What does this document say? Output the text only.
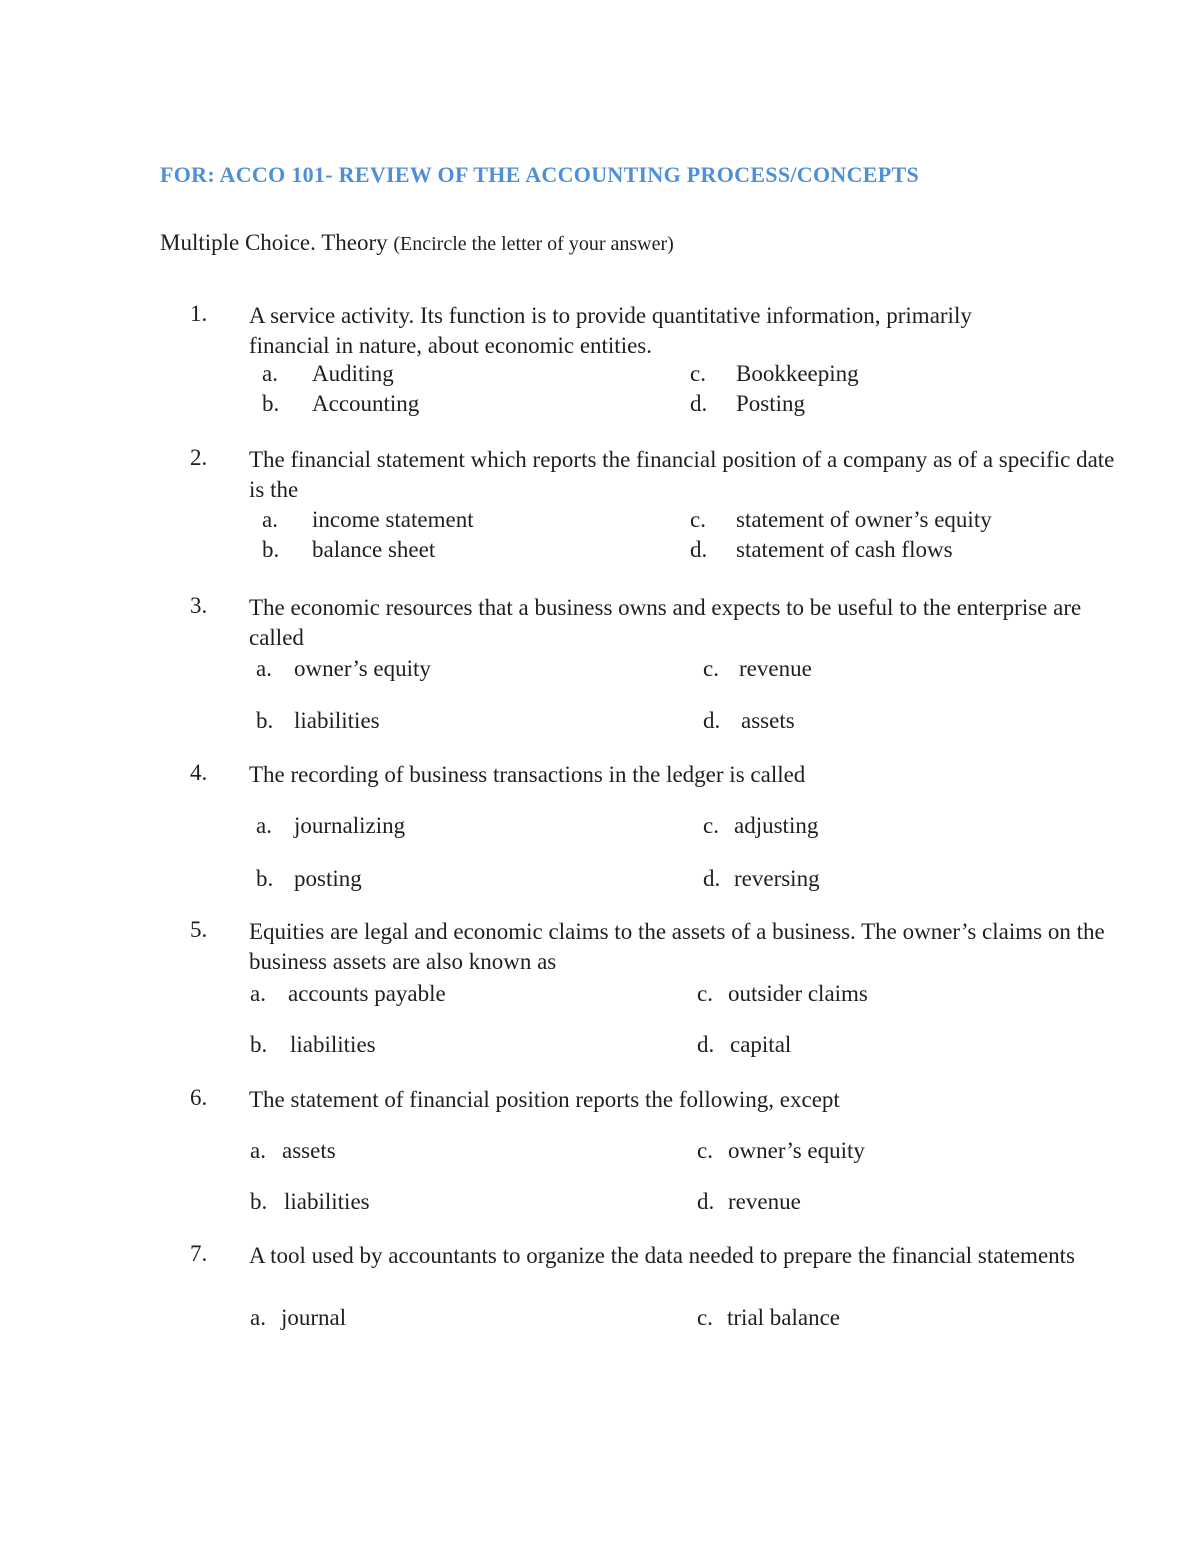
FOR: ACCO 101- REVIEW OF THE ACCOUNTING PROCESS/CONCEPTS
Multiple Choice. Theory (Encircle the letter of your answer)
1. A service activity. Its function is to provide quantitative information, primarily financial in nature, about economic entities.
a. Auditing
b. Accounting
c. Bookkeeping
d. Posting
2. The financial statement which reports the financial position of a company as of a specific date is the
a. income statement
b. balance sheet
c. statement of owner’s equity
d. statement of cash flows
3. The economic resources that a business owns and expects to be useful to the enterprise are called
a. owner’s equity
b. liabilities
c. revenue
d. assets
4. The recording of business transactions in the ledger is called
a. journalizing
b. posting
c. adjusting
d. reversing
5. Equities are legal and economic claims to the assets of a business. The owner’s claims on the business assets are also known as
a. accounts payable
b. liabilities
c. outsider claims
d. capital
6. The statement of financial position reports the following, except
a. assets
b. liabilities
c. owner’s equity
d. revenue
7. A tool used by accountants to organize the data needed to prepare the financial statements
a. journal	c. trial balance
